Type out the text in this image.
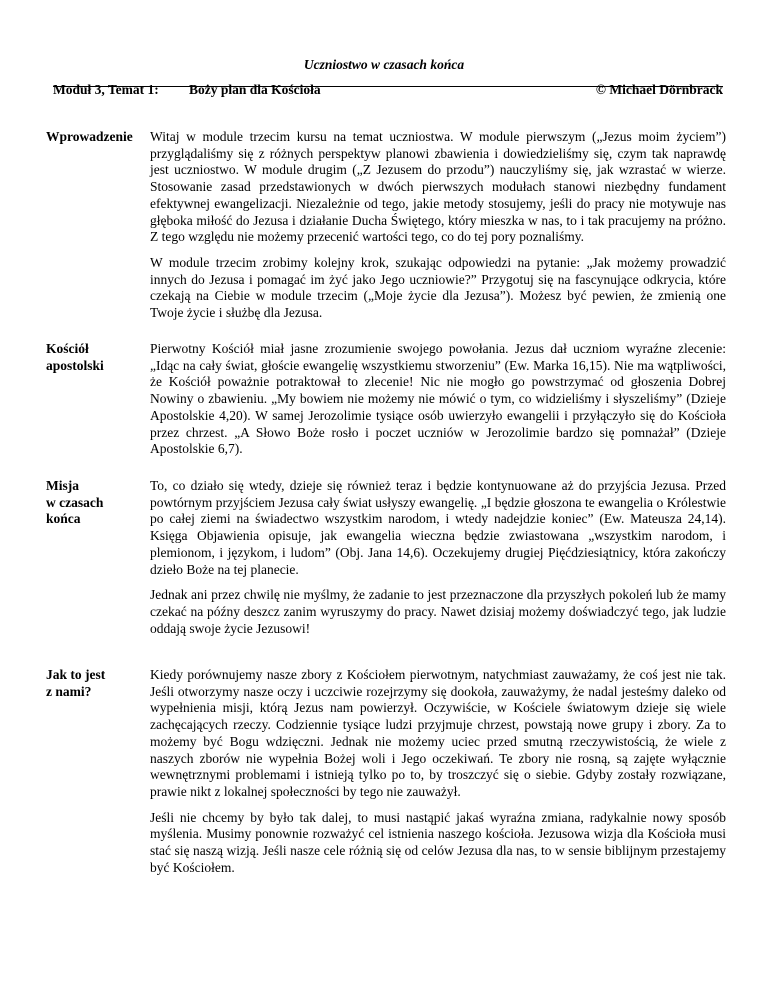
Uczniostwo w czasach końca
Moduł 3, Temat 1: Boży plan dla Kościoła	© Michael Dörnbrack
Wprowadzenie	Witaj w module trzecim kursu na temat uczniostwa. W module pierwszym („Jezus moim życiem”) przyglądaliśmy się z różnych perspektyw planowi zbawienia i dowiedzieliśmy się, czym tak naprawdę jest uczniostwo. W module drugim („Z Jezusem do przodu”) nauczyliśmy się, jak wzrastać w wierze. Stosowanie zasad przedstawionych w dwóch pierwszych modułach stanowi niezbędny fundament efektywnej ewangelizacji. Niezależnie od tego, jakie metody stosujemy, jeśli do pracy nie motywuje nas głęboka miłość do Jezusa i działanie Ducha Świętego, który mieszka w nas, to i tak pracujemy na próżno. Z tego względu nie możemy przecenić wartości tego, co do tej pory poznaliśmy.

W module trzecim zrobimy kolejny krok, szukając odpowiedzi na pytanie: „Jak możemy prowadzić innych do Jezusa i pomagać im żyć jako Jego uczniowie?” Przygotuj się na fascynujące odkrycia, które czekają na Ciebie w module trzecim („Moje życie dla Jezusa”). Możesz być pewien, że zmienią one Twoje życie i służbę dla Jezusa.

Kościół
apostolski

Pierwotny Kościół miał jasne zrozumienie swojego powołania. Jezus dał uczniom wyraźne zlecenie: „Idąc na cały świat, głoście ewangelię wszystkiemu stworzeniu” (Ew. Marka 16,15). Nie ma wątpliwości, że Kościół poważnie potraktował to zlecenie! Nic nie mogło go powstrzymać od głoszenia Dobrej Nowiny o zbawieniu. „My bowiem nie możemy nie mówić o tym, co widzieliśmy i słyszeliśmy” (Dzieje Apostolskie 4,20). W samej Jerozolimie tysiące osób uwierzyło ewangelii i przyłączyło się do Kościoła przez chrzest. „A Słowo Boże rosło i poczet uczniów w Jerozolimie bardzo się pomnażał” (Dzieje Apostolskie 6,7).

Misja
w czasach
końca

To, co działo się wtedy, dzieje się również teraz i będzie kontynuowane aż do przyjścia Jezusa. Przed powtórnym przyjściem Jezusa cały świat usłyszy ewangelię. „I będzie głoszona te ewangelia o Królestwie po całej ziemi na świadectwo wszystkim narodom, i wtedy nadejdzie koniec” (Ew. Mateusza 24,14). Księga Objawienia opisuje, jak ewangelia wieczna będzie zwiastowana „wszystkim narodom, i plemionom, i językom, i ludom” (Obj. Jana 14,6). Oczekujemy drugiej Pięćdziesiątnicy, która zakończy dzieło Boże na tej planecie.

Jednak ani przez chwilę nie myślmy, że zadanie to jest przeznaczone dla przyszłych pokoleń lub że mamy czekać na późny deszcz zanim wyruszymy do pracy. Nawet dzisiaj możemy doświadczyć tego, jak ludzie oddają swoje życie Jezusowi!

Jak to jest
z nami?

Kiedy porównujemy nasze zbory z Kościołem pierwotnym, natychmiast zauważamy, że coś jest nie tak. Jeśli otworzymy nasze oczy i uczciwie rozejrzymy się dookoła, zauważymy, że nadal jesteśmy daleko od wypełnienia misji, którą Jezus nam powierzył. Oczywiście, w Kościele światowym dzieje się wiele zachęcających rzeczy. Codziennie tysiące ludzi przyjmuje chrzest, powstają nowe grupy i zbory. Za to możemy być Bogu wdzięczni. Jednak nie możemy uciec przed smutną rzeczywistością, że wiele z naszych zborów nie wypełnia Bożej woli i Jego oczekiwań. Te zbory nie rosną, są zajęte wyłącznie wewnętrznymi problemami i istnieją tylko po to, by troszczyć się o siebie. Gdyby zostały rozwiązane, prawie nikt z lokalnej społeczności by tego nie zauważył.

Jeśli nie chcemy by było tak dalej, to musi nastąpić jakaś wyraźna zmiana, radykalnie nowy sposób myślenia. Musimy ponownie rozważyć cel istnienia naszego kościoła. Jezusowa wizja dla Kościoła musi stać się naszą wizją. Jeśli nasze cele różnią się od celów Jezusa dla nas, to w sensie biblijnym przestajemy być Kościołem.
